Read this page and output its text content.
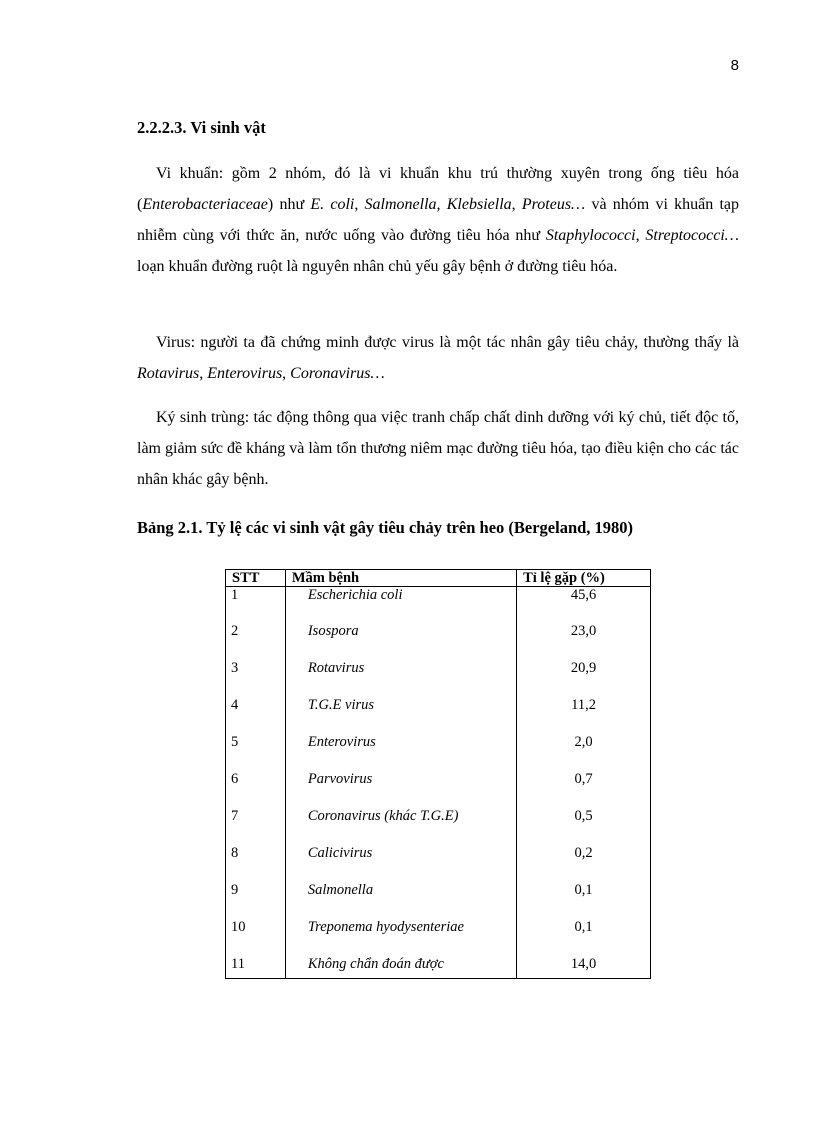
8
2.2.2.3. Vi sinh vật

Vi khuẩn: gồm 2 nhóm, đó là vi khuẩn khu trú thường xuyên trong ống tiêu hóa (Enterobacteriaceae) như E. coli, Salmonella, Klebsiella, Proteus… và nhóm vi khuẩn tạp nhiễm cùng với thức ăn, nước uống vào đường tiêu hóa như Staphylococci, Streptococci… loạn khuẩn đường ruột là nguyên nhân chủ yếu gây bệnh ở đường tiêu hóa.

Virus: người ta đã chứng minh được virus là một tác nhân gây tiêu chảy, thường thấy là Rotavirus, Enterovirus, Coronavirus…

Ký sinh trùng: tác động thông qua việc tranh chấp chất dinh dưỡng với ký chủ, tiết độc tố, làm giảm sức đề kháng và làm tổn thương niêm mạc đường tiêu hóa, tạo điều kiện cho các tác nhân khác gây bệnh.

Bảng 2.1. Tỷ lệ các vi sinh vật gây tiêu chảy trên heo (Bergeland, 1980)
STT	Mầm bệnh	Tỉ lệ gặp (%)
1	Escherichia coli	45,6
2	Isospora	23,0
3	Rotavirus	20,9
4	T.G.E virus	11,2
5	Enterovirus	2,0
6	Parvovirus	0,7
7	Coronavirus (khác T.G.E)	0,5
8	Calicivirus	0,2
9	Salmonella	0,1
10	Treponema hyodysenteriae	0,1
11	Không chẩn đoán được	14,0
